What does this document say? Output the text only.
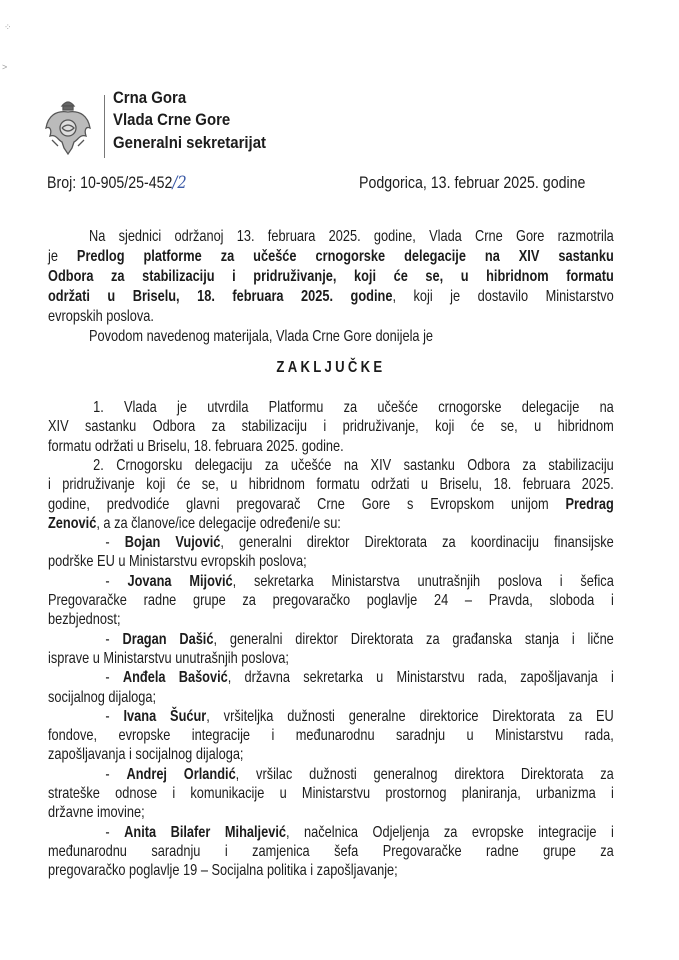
⁘
>
Crna Gora
Vlada Crne Gore
Generalni sekretarijat
Broj: 10-905/25-452/2	Podgorica, 13. februar 2025. godine
ZAKLJUČKE
Na sjednici održanoj 13. februara 2025. godine, Vlada Crne Gore razmotrila
je Predlog platforme za učešće crnogorske delegacije na XIV sastanku
Odbora za stabilizaciju i pridruživanje, koji će se, u hibridnom formatu
održati u Briselu, 18. februara 2025. godine, koji je dostavilo Ministarstvo
evropskih poslova.
Povodom navedenog materijala, Vlada Crne Gore donijela je
1. Vlada je utvrdila Platformu za učešće crnogorske delegacije na
XIV sastanku Odbora za stabilizaciju i pridruživanje, koji će se, u hibridnom
formatu održati u Briselu, 18. februara 2025. godine.
2. Crnogorsku delegaciju za učešće na XIV sastanku Odbora za stabilizaciju
i pridruživanje koji će se, u hibridnom formatu održati u Briselu, 18. februara 2025.
godine, predvodiće glavni pregovarač Crne Gore s Evropskom unijom Predrag
Zenović, a za članove/ice delegacije određeni/e su:
- Bojan Vujović, generalni direktor Direktorata za koordinaciju finansijske
podrške EU u Ministarstvu evropskih poslova;
- Jovana Mijović, sekretarka Ministarstva unutrašnjih poslova i šefica
Pregovaračke radne grupe za pregovaračko poglavlje 24 – Pravda, sloboda i
bezbjednost;
- Dragan Dašić, generalni direktor Direktorata za građanska stanja i lične
isprave u Ministarstvu unutrašnjih poslova;
- Anđela Bašović, državna sekretarka u Ministarstvu rada, zapošljavanja i
socijalnog dijaloga;
- Ivana Šućur, vršiteljka dužnosti generalne direktorice Direktorata za EU
fondove, evropske integracije i međunarodnu saradnju u Ministarstvu rada,
zapošljavanja i socijalnog dijaloga;
- Andrej Orlandić, vršilac dužnosti generalnog direktora Direktorata za
strateške odnose i komunikacije u Ministarstvu prostornog planiranja, urbanizma i
državne imovine;
- Anita Bilafer Mihaljević, načelnica Odjeljenja za evropske integracije i
međunarodnu saradnju i zamjenica šefa Pregovaračke radne grupe za
pregovaračko poglavlje 19 – Socijalna politika i zapošljavanje;
